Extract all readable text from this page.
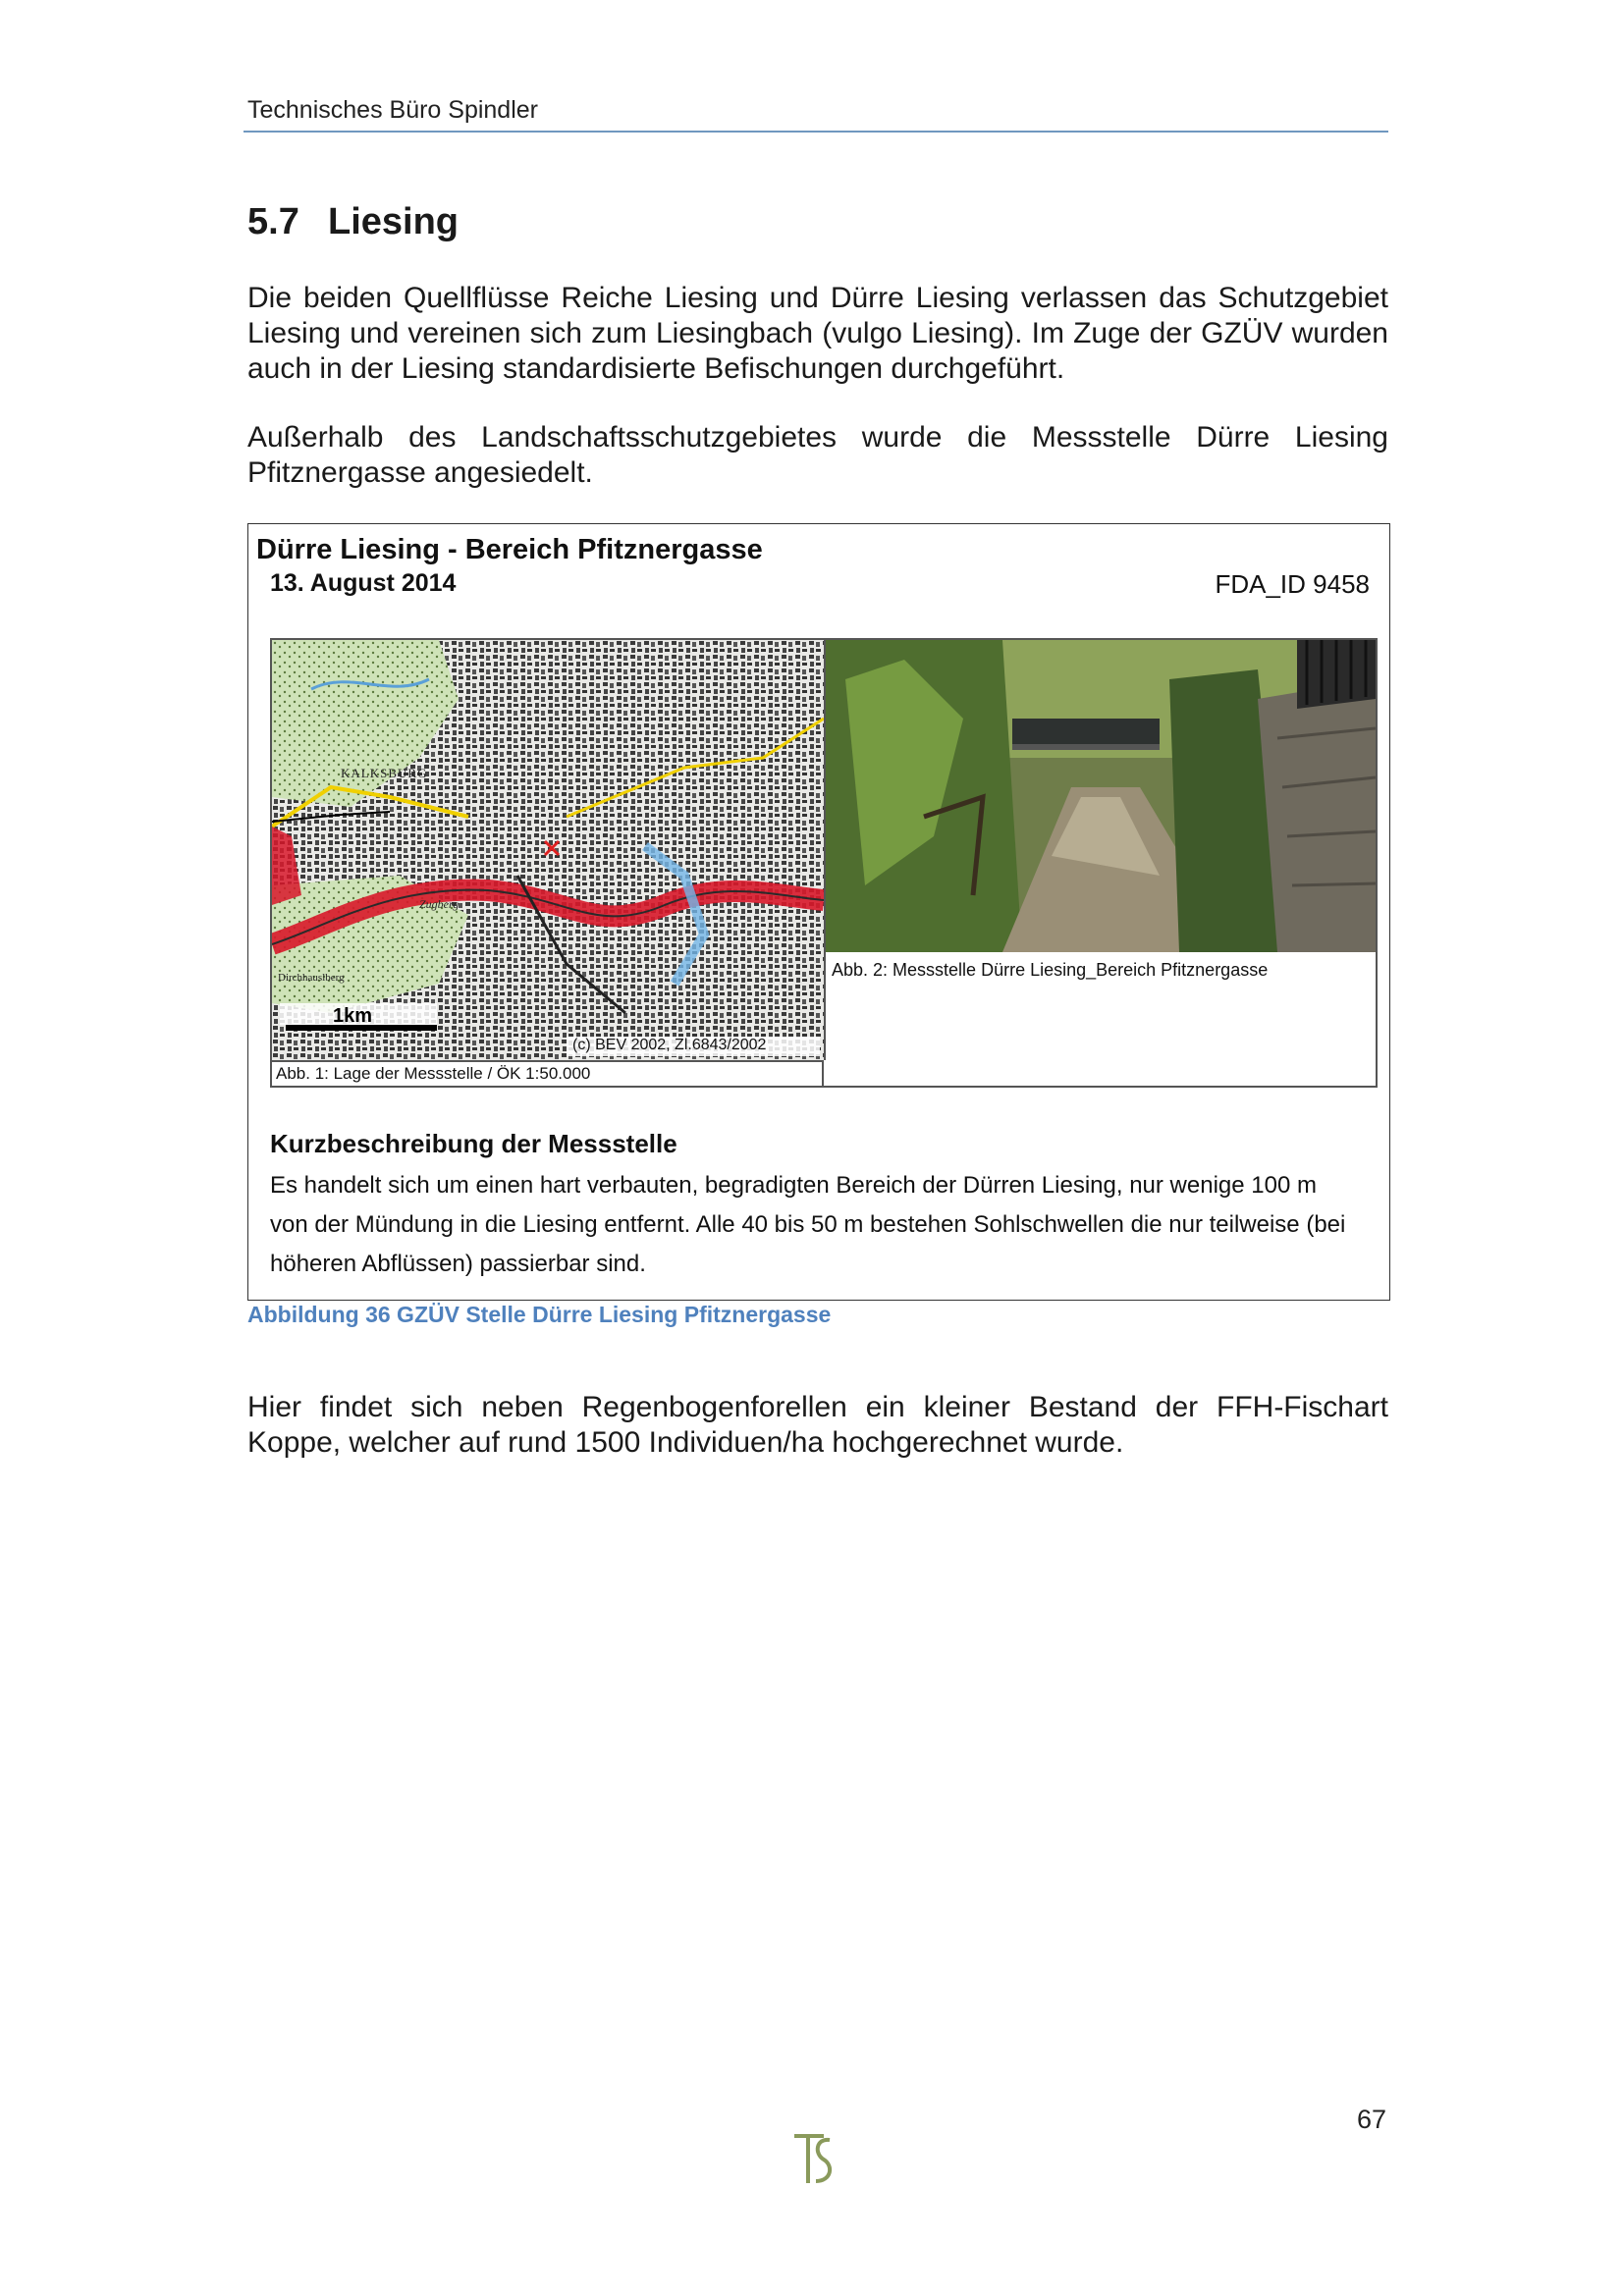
Technisches Büro Spindler
5.7 Liesing

Die beiden Quellflüsse Reiche Liesing und Dürre Liesing verlassen das Schutzgebiet Liesing und vereinen sich zum Liesingbach (vulgo Liesing). Im Zuge der GZÜV wurden auch in der Liesing standardisierte Befischungen durchgeführt.

Außerhalb des Landschaftsschutzgebietes wurde die Messstelle Dürre Liesing Pfitznergasse angesiedelt.

Dürre Liesing - Bereich Pfitznergasse
13. August 2014	FDA_ID 9458
1km
(c) BEV 2002, Zl.6843/2002
KALKSBURG
Zugberg
Dirchhauslberg
Abb. 1: Lage der Messstelle / ÖK 1:50.000
Abb. 2: Messstelle Dürre Liesing_Bereich Pfitznergasse
Kurzbeschreibung der Messstelle

Es handelt sich um einen hart verbauten, begradigten Bereich der Dürren Liesing, nur wenige 100 m von der Mündung in die Liesing entfernt. Alle 40 bis 50 m bestehen Sohlschwellen die nur teilweise (bei höheren Abflüssen) passierbar sind.

Abbildung 36 GZÜV Stelle Dürre Liesing Pfitznergasse

Hier findet sich neben Regenbogenforellen ein kleiner Bestand der FFH-Fischart Koppe, welcher auf rund 1500 Individuen/ha hochgerechnet wurde.

67
